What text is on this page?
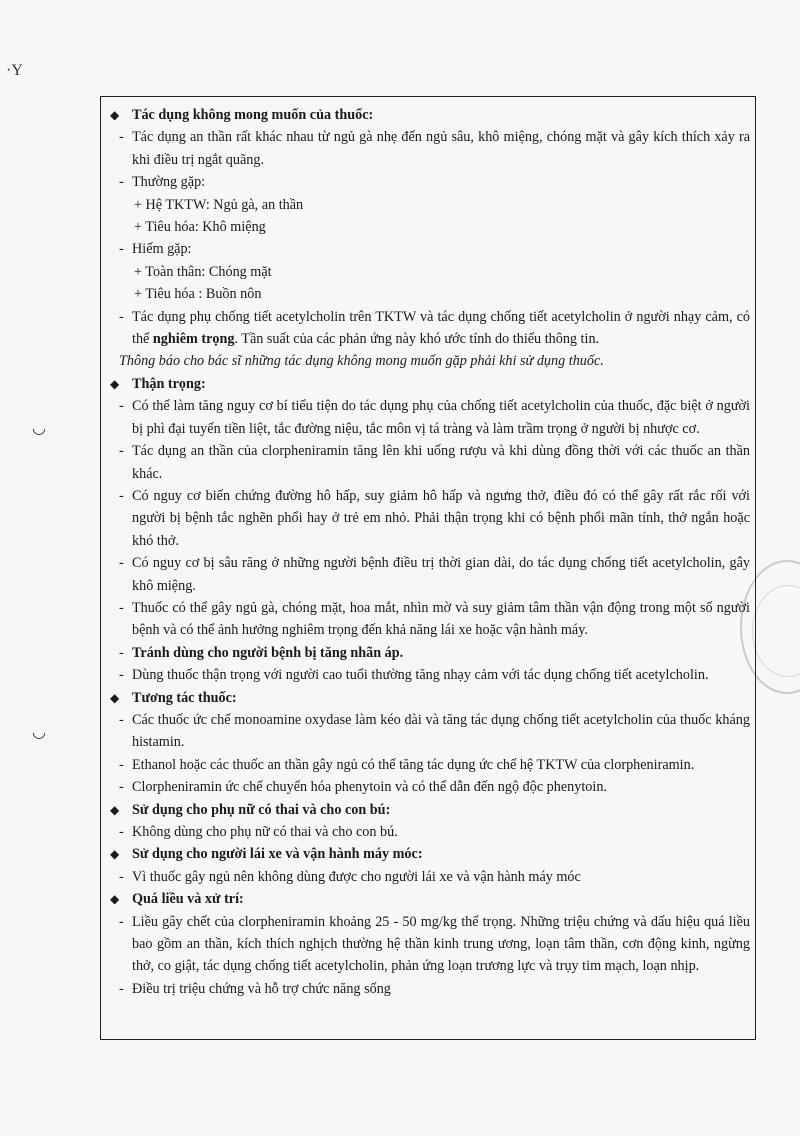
·Y
◡
◡
◆ Tác dụng không mong muốn của thuốc:
- Tác dụng an thần rất khác nhau từ ngủ gà nhẹ đến ngủ sâu, khô miệng, chóng mặt và gây kích thích xảy ra khi điều trị ngắt quãng.
- Thường gặp:
+ Hệ TKTW: Ngủ gà, an thần
+ Tiêu hóa: Khô miệng
- Hiếm gặp:
+ Toàn thân: Chóng mặt
+ Tiêu hóa : Buồn nôn
- Tác dụng phụ chống tiết acetylcholin trên TKTW và tác dụng chống tiết acetylcholin ở người nhạy cảm, có thể nghiêm trọng. Tần suất của các phản ứng này khó ước tính do thiếu thông tin.
Thông báo cho bác sĩ những tác dụng không mong muốn gặp phải khi sử dụng thuốc.
◆ Thận trọng:
- Có thể làm tăng nguy cơ bí tiểu tiện do tác dụng phụ của chống tiết acetylcholin của thuốc, đặc biệt ở người bị phì đại tuyến tiền liệt, tắc đường niệu, tắc môn vị tá tràng và làm trầm trọng ở người bị nhược cơ.
- Tác dụng an thần của clorpheniramin tăng lên khi uống rượu và khi dùng đồng thời với các thuốc an thần khác.
- Có nguy cơ biến chứng đường hô hấp, suy giảm hô hấp và ngưng thở, điều đó có thể gây rất rắc rối với người bị bệnh tắc nghẽn phổi hay ở trẻ em nhỏ. Phải thận trọng khi có bệnh phổi mãn tính, thở ngắn hoặc khó thở.
- Có nguy cơ bị sâu răng ở những người bệnh điều trị thời gian dài, do tác dụng chống tiết acetylcholin, gây khô miệng.
- Thuốc có thể gây ngủ gà, chóng mặt, hoa mắt, nhìn mờ và suy giảm tâm thần vận động trong một số người bệnh và có thể ảnh hưởng nghiêm trọng đến khả năng lái xe hoặc vận hành máy.
- Tránh dùng cho người bệnh bị tăng nhãn áp.
- Dùng thuốc thận trọng với người cao tuổi thường tăng nhạy cảm với tác dụng chống tiết acetylcholin.
◆ Tương tác thuốc:
- Các thuốc ức chế monoamine oxydase làm kéo dài và tăng tác dụng chống tiết acetylcholin của thuốc kháng histamin.
- Ethanol hoặc các thuốc an thần gây ngủ có thể tăng tác dụng ức chế hệ TKTW của clorpheniramin.
- Clorpheniramin ức chế chuyển hóa phenytoin và có thể dẫn đến ngộ độc phenytoin.
◆ Sử dụng cho phụ nữ có thai và cho con bú:
- Không dùng cho phụ nữ có thai và cho con bú.
◆ Sử dụng cho người lái xe và vận hành máy móc:
- Vì thuốc gây ngủ nên không dùng được cho người lái xe và vận hành máy móc
◆ Quá liều và xử trí:
- Liều gây chết của clorpheniramin khoảng 25 - 50 mg/kg thể trọng. Những triệu chứng và dấu hiệu quá liều bao gồm an thần, kích thích nghịch thường hệ thần kinh trung ương, loạn tâm thần, cơn động kinh, ngừng thở, co giật, tác dụng chống tiết acetylcholin, phản ứng loạn trương lực và trụy tim mạch, loạn nhịp.
- Điều trị triệu chứng và hỗ trợ chức năng sống
